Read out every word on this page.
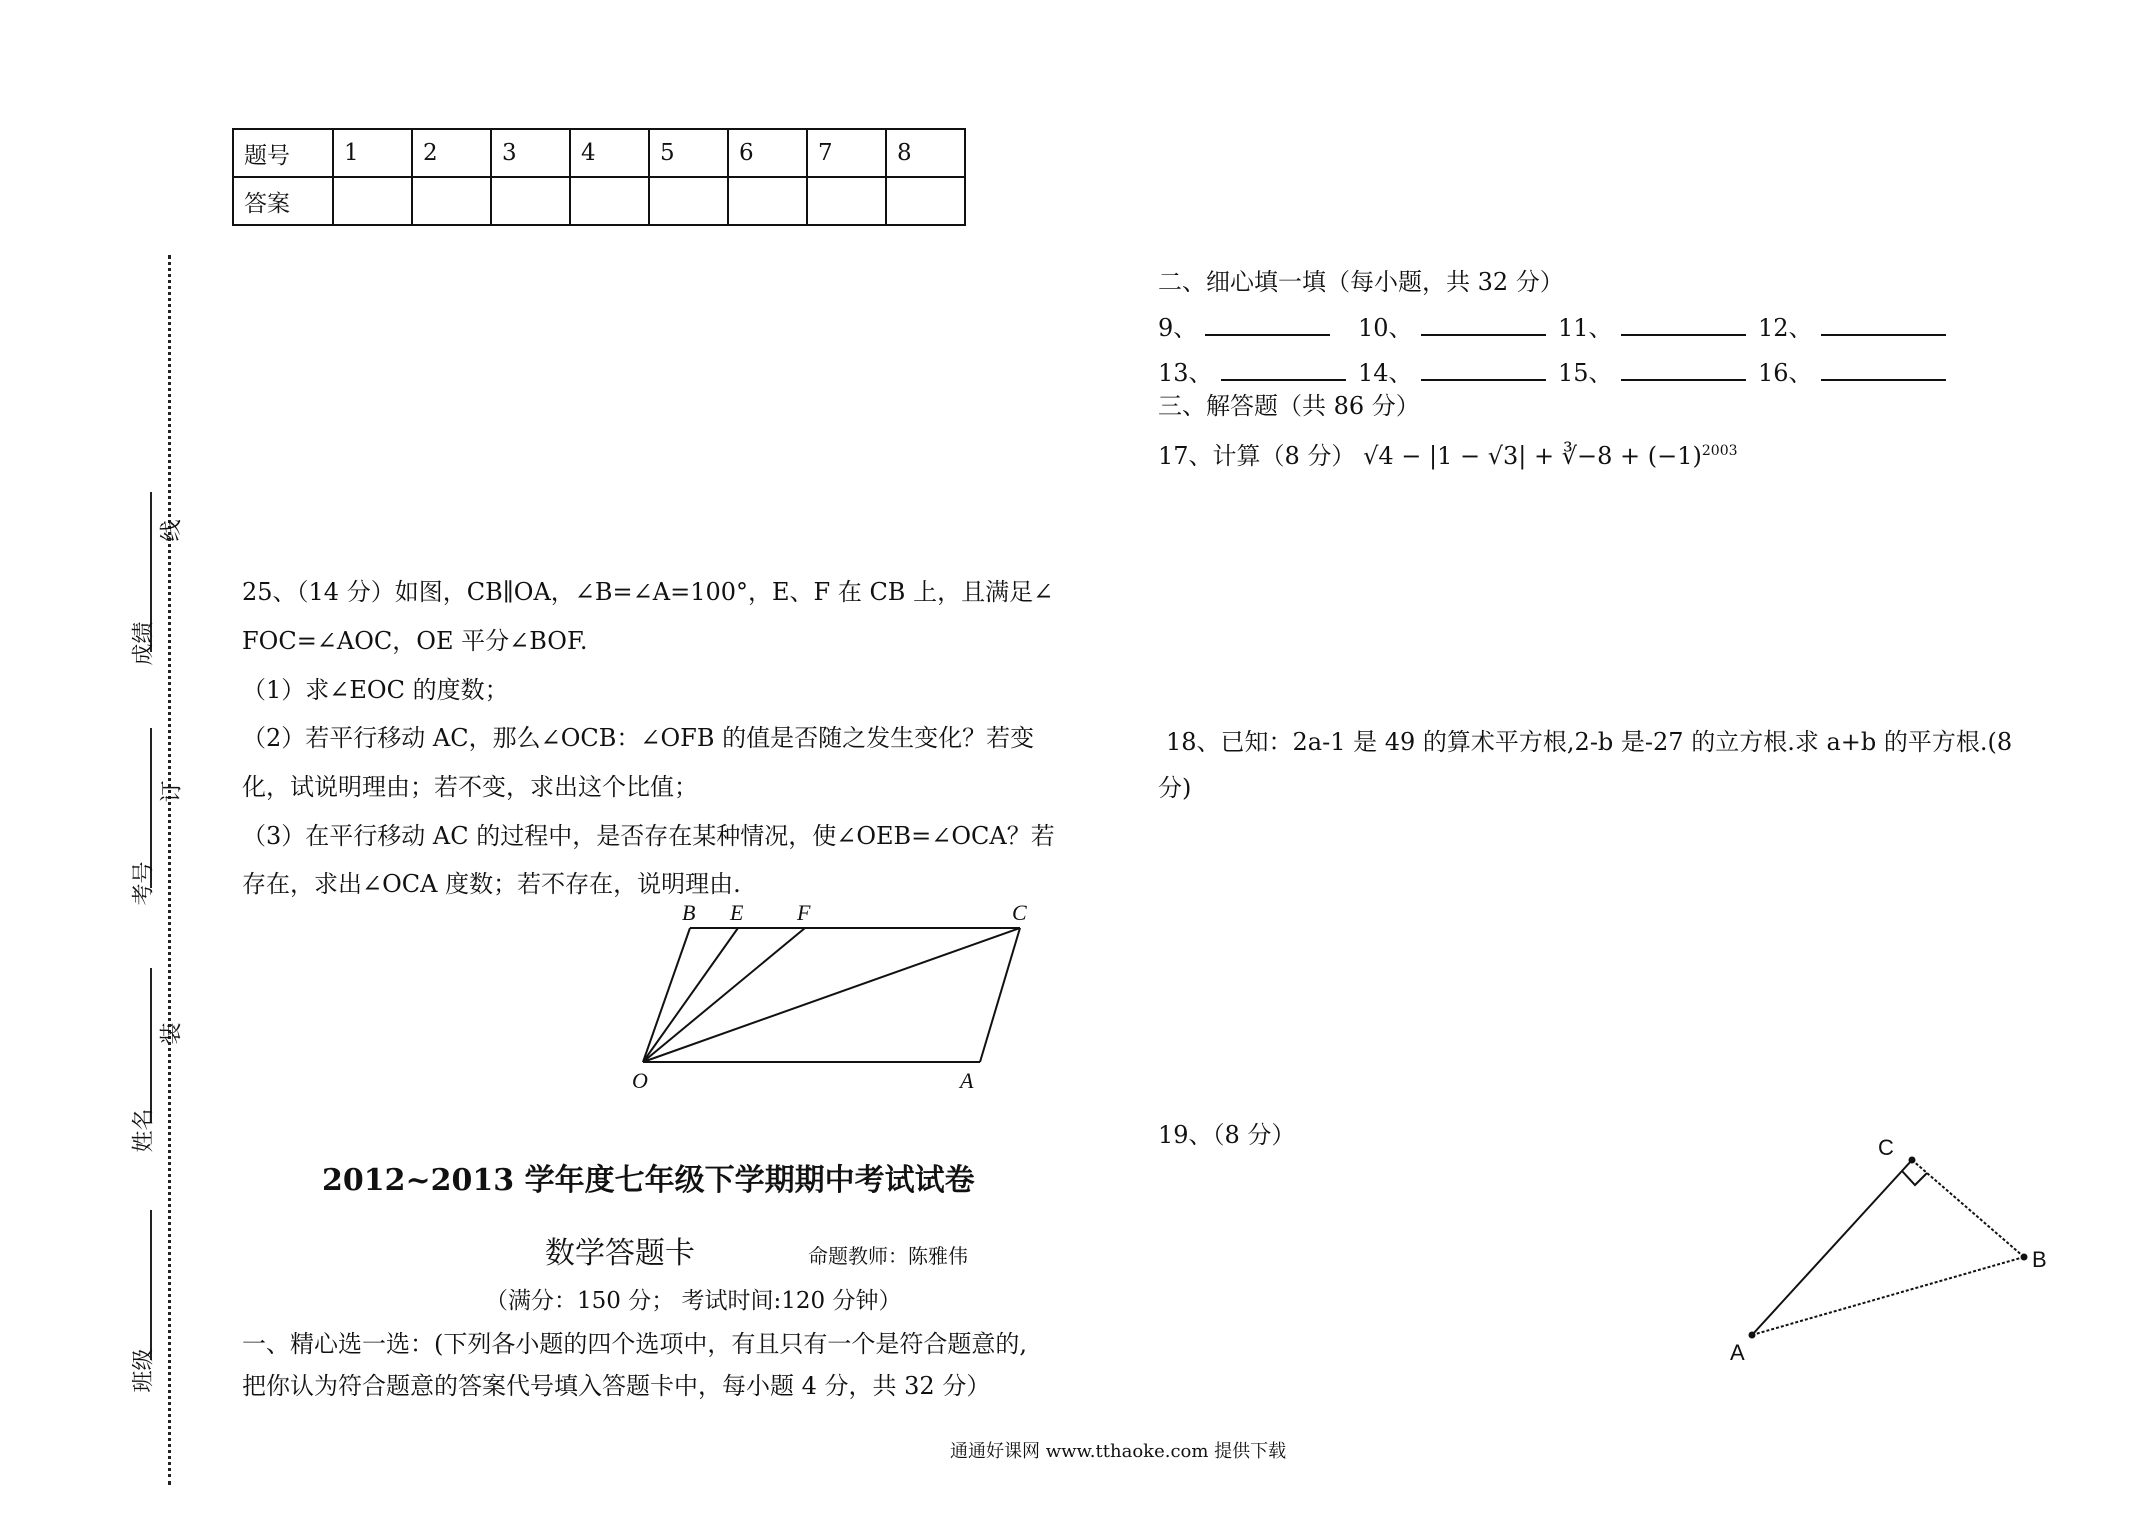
题号	1	2	3	4	5	6	7	8
答案								
成绩
线
考号
订
姓名
装
班级
25、（14 分）如图，CB∥OA，∠B=∠A=100°，E、F 在 CB 上，且满足∠
FOC=∠AOC，OE 平分∠BOF.
（1）求∠EOC 的度数；
（2）若平行移动 AC，那么∠OCB：∠OFB 的值是否随之发生变化？若变
化，试说明理由；若不变，求出这个比值；
（3）在平行移动 AC 的过程中，是否存在某种情况，使∠OEB=∠OCA？若
存在，求出∠OCA 度数；若不存在，说明理由.
B E F	C
O	A
2012~2013 学年度七年级下学期期中考试试卷
数学答题卡	命题教师：陈雅伟
（满分：150 分； 考试时间:120 分钟）
一、精心选一选：(下列各小题的四个选项中，有且只有一个是符合题意的,
把你认为符合题意的答案代号填入答题卡中，每小题 4 分，共 32 分）
二、细心填一填（每小题，共 32 分）
9、	10、	11、	12、
13、	14、	15、	16、
三、解答题（共 86 分）
17、计算（8 分） √4 − |1 − √3| + ∛−8 + $(-1)^{2003}$
18、已知：2a-1 是 49 的算术平方根,2-b 是-27 的立方根.求 a+b 的平方根.(8
分)
19、（8 分）
A
B
C
通通好课网 www.tthaoke.com 提供下载
